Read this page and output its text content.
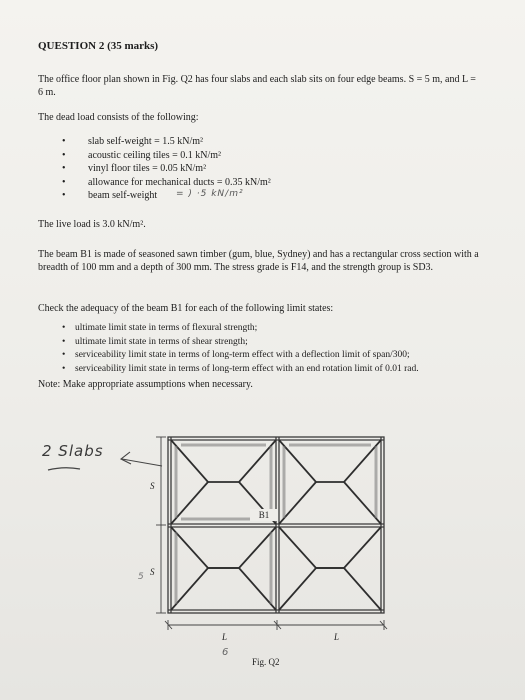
QUESTION 2 (35 marks)
The office floor plan shown in Fig. Q2 has four slabs and each slab sits on four edge beams. S = 5 m, and L = 6 m.
The dead load consists of the following:
• slab self-weight = 1.5 kN/m²
• acoustic ceiling tiles = 0.1 kN/m²
• vinyl floor tiles = 0.05 kN/m²
• allowance for mechanical ducts = 0.35 kN/m²
• beam self-weight	= ) ·5 kN/m²
The live load is 3.0 kN/m².
The beam B1 is made of seasoned sawn timber (gum, blue, Sydney) and has a rectangular cross section with a breadth of 100 mm and a depth of 300 mm. The stress grade is F14, and the strength group is SD3.
Check the adequacy of the beam B1 for each of the following limit states:
• ultimate limit state in terms of flexural strength;
• ultimate limit state in terms of shear strength;
• serviceability limit state in terms of long-term effect with a deflection limit of span/300;
• serviceability limit state in terms of long-term effect with an end rotation limit of 0.01 rad.
Note: Make appropriate assumptions when necessary.
2 Slabs
B1
S
S
L	L
5
6
Fig. Q2
